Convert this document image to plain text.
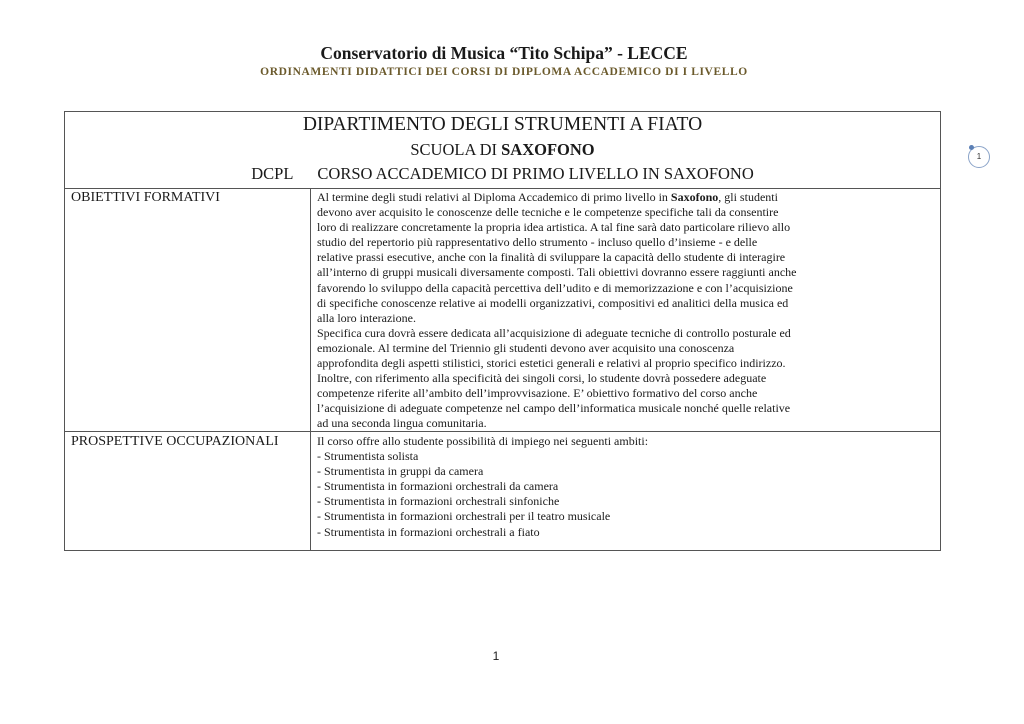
Conservatorio di Musica “Tito Schipa” - LECCE
ORDINAMENTI DIDATTICI DEI CORSI DI DIPLOMA ACCADEMICO DI I LIVELLO
DIPARTIMENTO DEGLI STRUMENTI A FIATO
SCUOLA DI SAXOFONO
DCPL CORSO ACCADEMICO DI PRIMO LIVELLO IN SAXOFONO
OBIETTIVI FORMATIVI	Al termine degli studi relativi al Diploma Accademico di primo livello in Saxofono, gli studenti

devono aver acquisito le conoscenze delle tecniche e le competenze specifiche tali da consentire

loro di realizzare concretamente la propria idea artistica. A tal fine sarà dato particolare rilievo allo

studio del repertorio più rappresentativo dello strumento - incluso quello d’insieme - e delle

relative prassi esecutive, anche con la finalità di sviluppare la capacità dello studente di interagire

all’interno di gruppi musicali diversamente composti. Tali obiettivi dovranno essere raggiunti anche

favorendo lo sviluppo della capacità percettiva dell’udito e di memorizzazione e con l’acquisizione

di specifiche conoscenze relative ai modelli organizzativi, compositivi ed analitici della musica ed

alla loro interazione.

Specifica cura dovrà essere dedicata all’acquisizione di adeguate tecniche di controllo posturale ed

emozionale. Al termine del Triennio gli studenti devono aver acquisito una conoscenza

approfondita degli aspetti stilistici, storici estetici generali e relativi al proprio specifico indirizzo.

Inoltre, con riferimento alla specificità dei singoli corsi, lo studente dovrà possedere adeguate

competenze riferite all’ambito dell’improvvisazione. E’ obiettivo formativo del corso anche

l’acquisizione di adeguate competenze nel campo dell’informatica musicale nonché quelle relative

ad una seconda lingua comunitaria.

PROSPETTIVE OCCUPAZIONALI	Il corso offre allo studente possibilità di impiego nei seguenti ambiti:
- Strumentista solista
- Strumentista in gruppi da camera
- Strumentista in formazioni orchestrali da camera
- Strumentista in formazioni orchestrali sinfoniche
- Strumentista in formazioni orchestrali per il teatro musicale
- Strumentista in formazioni orchestrali a fiato
1
1
